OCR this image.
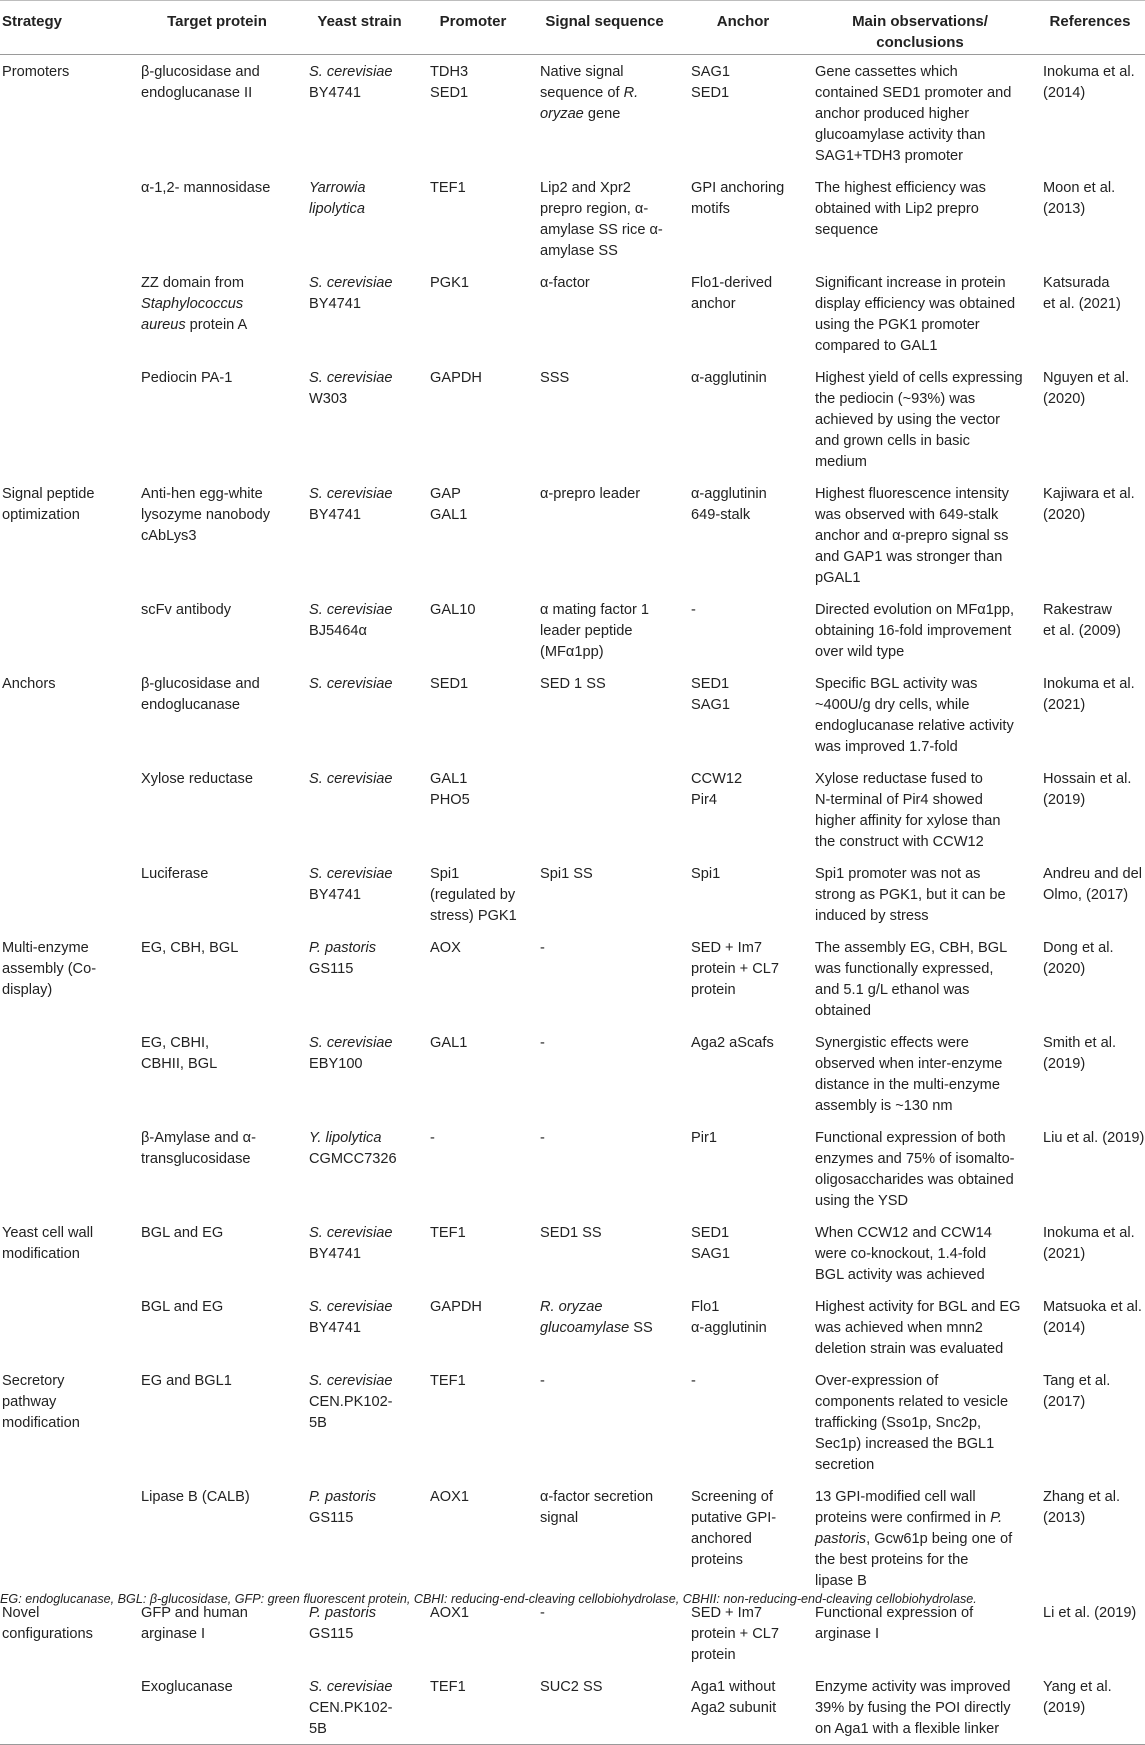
Strategy	Target protein	Yeast strain	Promoter	Signal sequence	Anchor	Main observations/
conclusions	References
Promoters	β-glucosidase and
endoglucanase II	S. cerevisiae
BY4741	TDH3
SED1	Native signal
sequence of R.
oryzae gene	SAG1
SED1	Gene cassettes which
contained SED1 promoter and
anchor produced higher
glucoamylase activity than
SAG1+TDH3 promoter	Inokuma et al.
(2014)
	α-1,2- mannosidase	Yarrowia
lipolytica	TEF1	Lip2 and Xpr2
prepro region, α-
amylase SS rice α-
amylase SS	GPI anchoring
motifs	The highest efficiency was
obtained with Lip2 prepro
sequence	Moon et al.
(2013)
	ZZ domain from
Staphylococcus
aureus protein A	S. cerevisiae
BY4741	PGK1	α-factor	Flo1-derived
anchor	Significant increase in protein
display efficiency was obtained
using the PGK1 promoter
compared to GAL1	Katsurada
et al. (2021)
	Pediocin PA-1	S. cerevisiae
W303	GAPDH	SSS	α-agglutinin	Highest yield of cells expressing
the pediocin (~93%) was
achieved by using the vector
and grown cells in basic
medium	Nguyen et al.
(2020)
Signal peptide
optimization	Anti-hen egg-white
lysozyme nanobody
cAbLys3	S. cerevisiae
BY4741	GAP
GAL1	α-prepro leader	α-agglutinin
649-stalk	Highest fluorescence intensity
was observed with 649-stalk
anchor and α-prepro signal ss
and GAP1 was stronger than
pGAL1	Kajiwara et al.
(2020)
	scFv antibody	S. cerevisiae
BJ5464α	GAL10	α mating factor 1
leader peptide
(MFα1pp)	-	Directed evolution on MFα1pp,
obtaining 16-fold improvement
over wild type	Rakestraw
et al. (2009)
Anchors	β-glucosidase and
endoglucanase	S. cerevisiae	SED1	SED 1 SS	SED1
SAG1	Specific BGL activity was
~400U/g dry cells, while
endoglucanase relative activity
was improved 1.7-fold	Inokuma et al.
(2021)
	Xylose reductase	S. cerevisiae	GAL1
PHO5		CCW12
Pir4	Xylose reductase fused to
N-terminal of Pir4 showed
higher affinity for xylose than
the construct with CCW12	Hossain et al.
(2019)
	Luciferase	S. cerevisiae
BY4741	Spi1
(regulated by
stress) PGK1	Spi1 SS	Spi1	Spi1 promoter was not as
strong as PGK1, but it can be
induced by stress	Andreu and del
Olmo, (2017)
Multi-enzyme
assembly (Co-
display)	EG, CBH, BGL	P. pastoris
GS115	AOX	-	SED + Im7
protein + CL7
protein	The assembly EG, CBH, BGL
was functionally expressed,
and 5.1 g/L ethanol was
obtained	Dong et al.
(2020)
	EG, CBHI,
CBHII, BGL	S. cerevisiae
EBY100	GAL1	-	Aga2 aScafs	Synergistic effects were
observed when inter-enzyme
distance in the multi-enzyme
assembly is ~130 nm	Smith et al.
(2019)
	β-Amylase and α-
transglucosidase	Y. lipolytica
CGMCC7326	-	-	Pir1	Functional expression of both
enzymes and 75% of isomalto-
oligosaccharides was obtained
using the YSD	Liu et al. (2019)
Yeast cell wall
modification	BGL and EG	S. cerevisiae
BY4741	TEF1	SED1 SS	SED1
SAG1	When CCW12 and CCW14
were co-knockout, 1.4-fold
BGL activity was achieved	Inokuma et al.
(2021)
	BGL and EG	S. cerevisiae
BY4741	GAPDH	R. oryzae
glucoamylase SS	Flo1
α-agglutinin	Highest activity for BGL and EG
was achieved when mnn2
deletion strain was evaluated	Matsuoka et al.
(2014)
Secretory
pathway
modification	EG and BGL1	S. cerevisiae
CEN.PK102-
5B	TEF1	-	-	Over-expression of
components related to vesicle
trafficking (Sso1p, Snc2p,
Sec1p) increased the BGL1
secretion	Tang et al.
(2017)
	Lipase B (CALB)	P. pastoris
GS115	AOX1	α-factor secretion
signal	Screening of
putative GPI-
anchored
proteins	13 GPI-modified cell wall
proteins were confirmed in P.
pastoris, Gcw61p being one of
the best proteins for the
lipase B	Zhang et al.
(2013)
Novel
configurations	GFP and human
arginase I	P. pastoris
GS115	AOX1	-	SED + Im7
protein + CL7
protein	Functional expression of
arginase I	Li et al. (2019)
	Exoglucanase	S. cerevisiae
CEN.PK102-
5B	TEF1	SUC2 SS	Aga1 without
Aga2 subunit	Enzyme activity was improved
39% by fusing the POI directly
on Aga1 with a flexible linker	Yang et al.
(2019)
EG: endoglucanase, BGL: β-glucosidase, GFP: green fluorescent protein, CBHI: reducing-end-cleaving cellobiohydrolase, CBHII: non-reducing-end-cleaving cellobiohydrolase.
